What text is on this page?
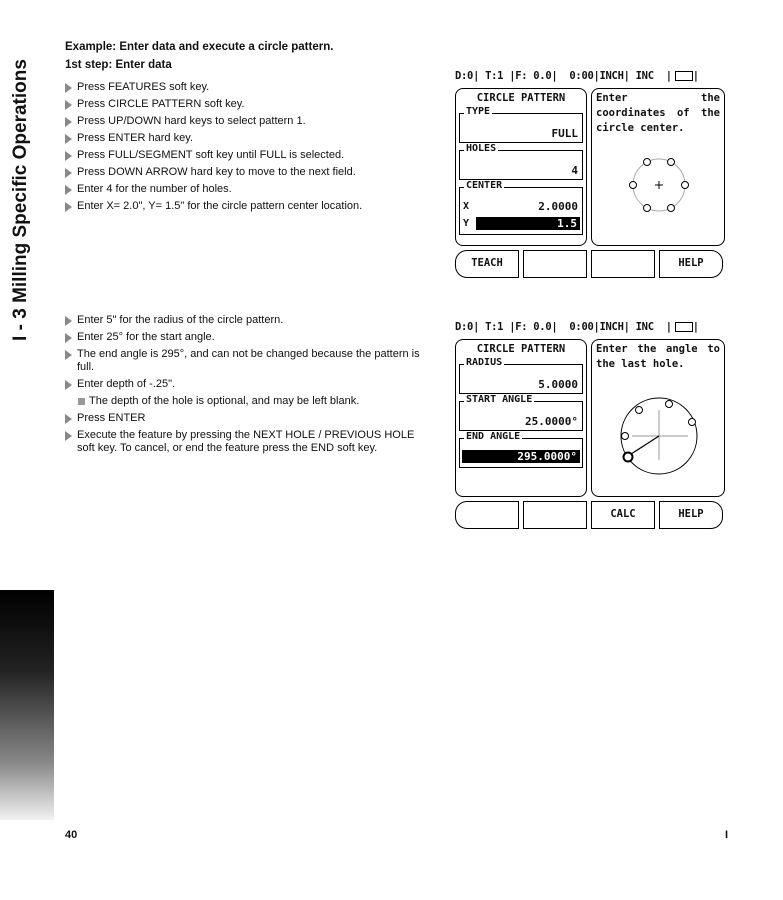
I - 3 Milling Specific Operations
Example: Enter data and execute a circle pattern.
1st step: Enter data
Press FEATURES soft key.
Press CIRCLE PATTERN soft key.
Press UP/DOWN hard keys to select pattern 1.
Press ENTER hard key.
Press FULL/SEGMENT soft key until FULL is selected.
Press DOWN ARROW hard key to move to the next field.
Enter 4 for the number of holes.
Enter X= 2.0", Y= 1.5" for the circle pattern center location.
Enter 5" for the radius of the circle pattern.
Enter 25° for the start angle.
The end angle is 295°, and can not be changed because the pattern is full.
Enter depth of -.25".
The depth of the hole is optional, and may be left blank.
Press ENTER
Execute the feature by pressing the NEXT HOLE / PREVIOUS HOLE soft key. To cancel, or end the feature press the END soft key.
D:0| T:1 |F: 0.0|  0:00|INCH| INC  | |
CIRCLE PATTERN
TYPE
FULL
HOLES
4
CENTER
X	2.0000
Y	1.5
Enter the coordinates of the circle center.
TEACH	HELP
D:0| T:1 |F: 0.0|  0:00|INCH| INC  | |
CIRCLE PATTERN
RADIUS
5.0000
START ANGLE
25.0000°
END ANGLE
295.0000°
Enter the angle to the last hole.
CALC	HELP
40	I
